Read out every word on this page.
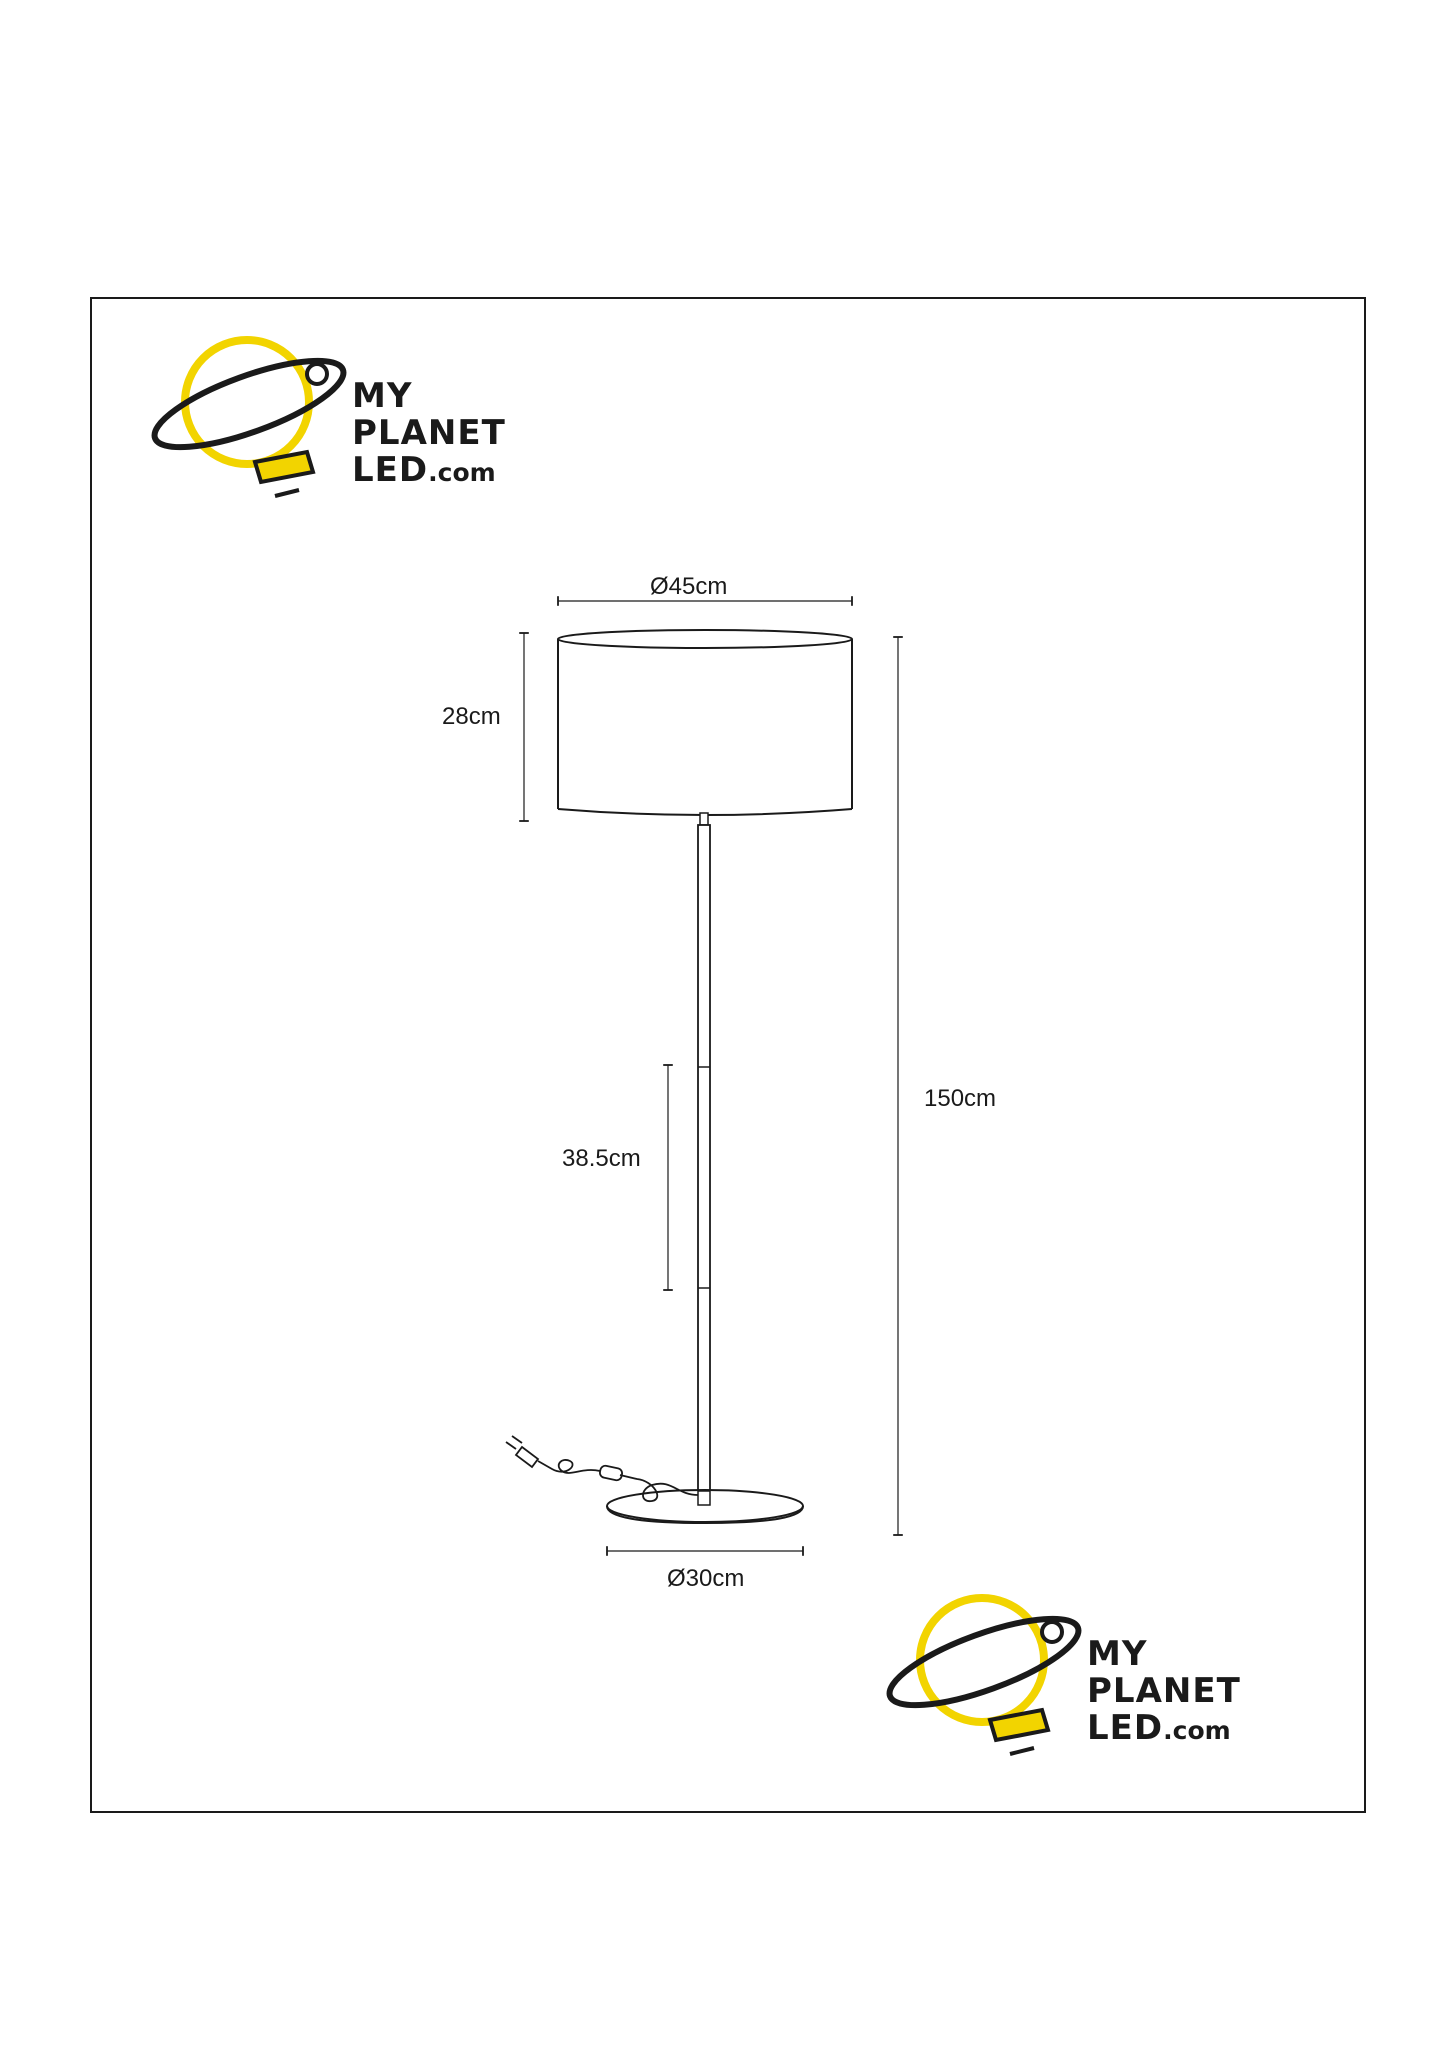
MY
PLANET
LED.com
MY
PLANET
LED.com
Ø45cm
28cm
150cm
38.5cm
Ø30cm
